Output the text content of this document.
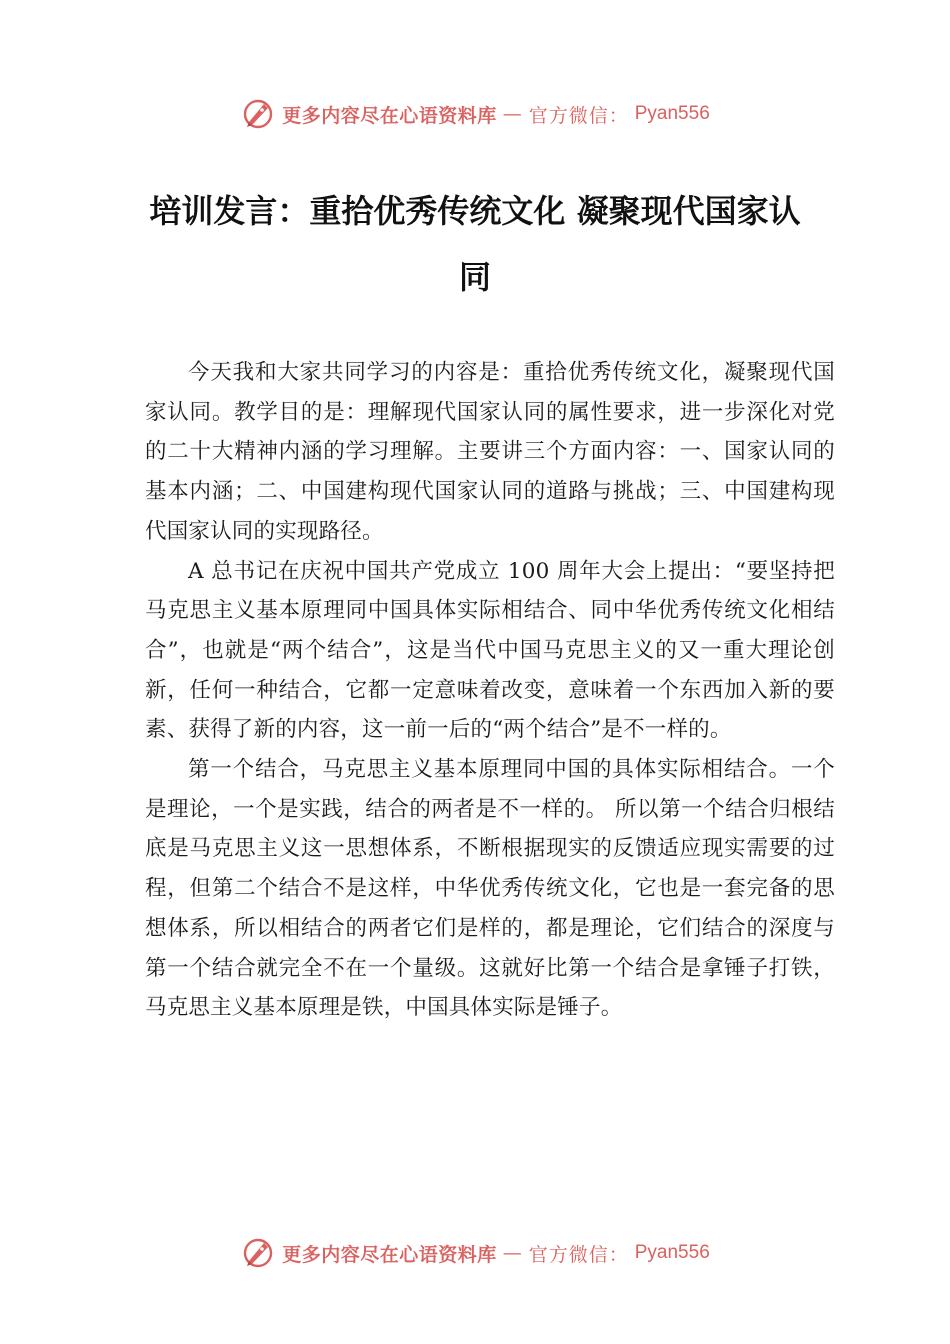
更多内容尽在心语资料库 — 官方微信： Pyan556
培训发言：重拾优秀传统文化 凝聚现代国家认同

今天我和大家共同学习的内容是：重拾优秀传统文化，凝聚现代国家认同。教学目的是：理解现代国家认同的属性要求，进一步深化对党的二十大精神内涵的学习理解。主要讲三个方面内容：一、国家认同的基本内涵；二、中国建构现代国家认同的道路与挑战；三、中国建构现代国家认同的实现路径。

A 总书记在庆祝中国共产党成立 100 周年大会上提出：“要坚持把马克思主义基本原理同中国具体实际相结合、同中华优秀传统文化相结合”，也就是“两个结合”，这是当代中国马克思主义的又一重大理论创新，任何一种结合，它都一定意味着改变，意味着一个东西加入新的要素、获得了新的内容，这一前一后的“两个结合”是不一样的。

第一个结合，马克思主义基本原理同中国的具体实际相结合。一个是理论，一个是实践，结合的两者是不一样的。 所以第一个结合归根结底是马克思主义这一思想体系，不断根据现实的反馈适应现实需要的过程，但第二个结合不是这样，中华优秀传统文化，它也是一套完备的思想体系，所以相结合的两者它们是样的，都是理论，它们结合的深度与第一个结合就完全不在一个量级。这就好比第一个结合是拿锤子打铁，马克思主义基本原理是铁，中国具体实际是锤子。

更多内容尽在心语资料库 — 官方微信： Pyan556
